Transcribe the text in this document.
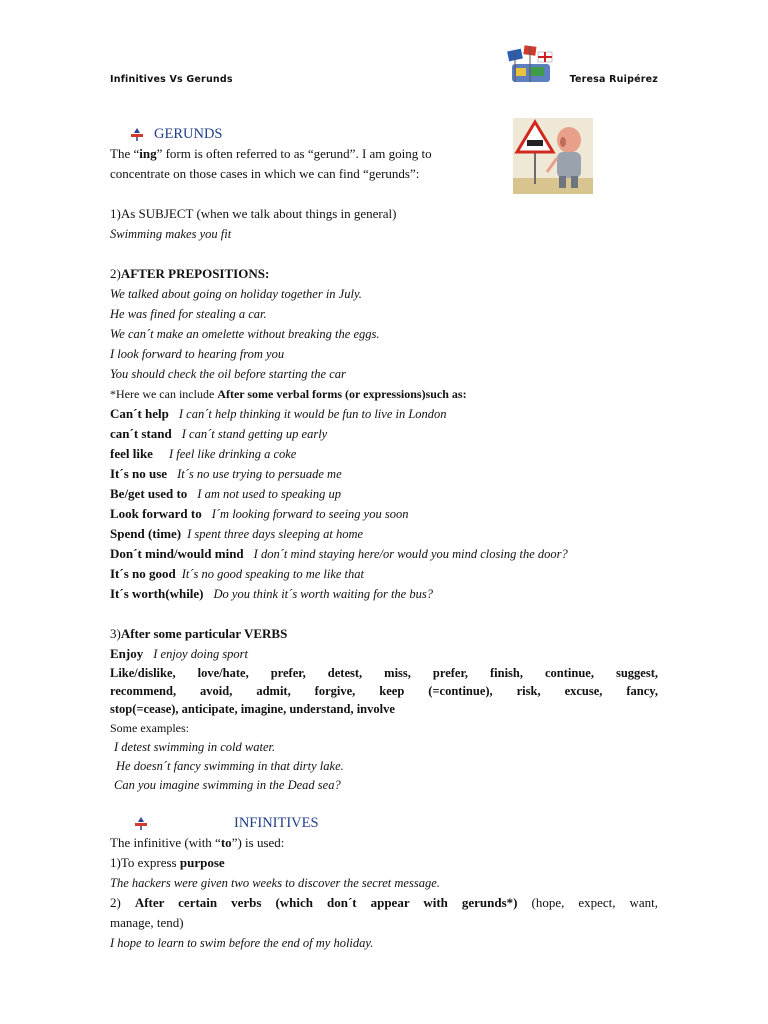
Infinitives Vs Gerunds	Teresa Ruipérez
GERUNDS
The “ing” form is often referred to as “gerund”. I am going to
concentrate on those cases in which we can find “gerunds”:
1)As SUBJECT (when we talk about things in general)
Swimming makes you fit
2)AFTER PREPOSITIONS:
We talked about going on holiday together in July.
He was fined for stealing a car.
We can´t make an omelette without breaking the eggs.
I look forward to hearing from you
You should check the oil before starting the car
*Here we can include After some verbal forms (or expressions)such as:
Can´t help I can´t help thinking it would be fun to live in London
can´t stand I can´t stand getting up early
feel like I feel like drinking a coke
It´s no use It´s no use trying to persuade me
Be/get used to I am not used to speaking up
Look forward to I´m looking forward to seeing you soon
Spend (time) I spent three days sleeping at home
Don´t mind/would mind I don´t mind staying here/or would you mind closing the door?
It´s no good It´s no good speaking to me like that
It´s worth(while) Do you think it´s worth waiting for the bus?
3)After some particular VERBS
Enjoy I enjoy doing sport
Like/dislike, love/hate, prefer, detest, miss, prefer, finish, continue, suggest,
recommend, avoid, admit, forgive, keep (=continue), risk, excuse, fancy,
stop(=cease), anticipate, imagine, understand, involve
Some examples:
I detest swimming in cold water.
He doesn´t fancy swimming in that dirty lake.
Can you imagine swimming in the Dead sea?
INFINITIVES
The infinitive (with “to”) is used:
1)To express purpose
The hackers were given two weeks to discover the secret message.
2) After certain verbs (which don´t appear with gerunds*) (hope, expect, want,
manage, tend)
I hope to learn to swim before the end of my holiday.
